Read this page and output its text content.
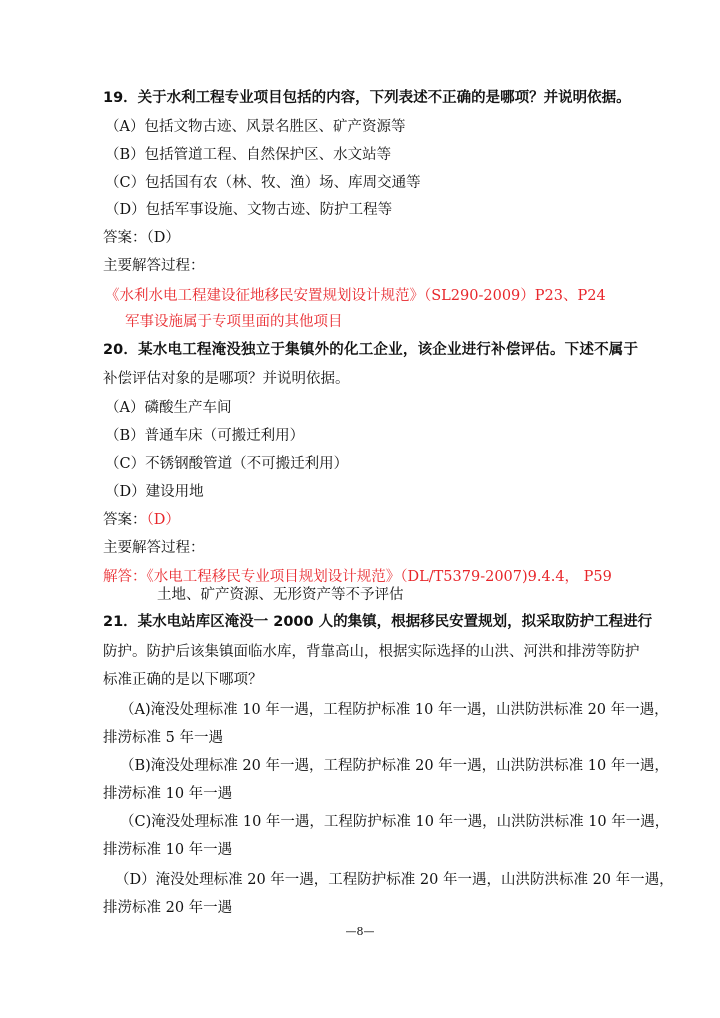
19．关于水利工程专业项目包括的内容，下列表述不正确的是哪项？并说明依据。
（A）包括文物古迹、风景名胜区、矿产资源等
（B）包括管道工程、自然保护区、水文站等
（C）包括国有农（林、牧、渔）场、库周交通等
（D）包括军事设施、文物古迹、防护工程等
答案：（D）
主要解答过程：
《水利水电工程建设征地移民安置规划设计规范》（SL290-2009）P23、P24
军事设施属于专项里面的其他项目
20．某水电工程淹没独立于集镇外的化工企业，该企业进行补偿评估。下述不属于
补偿评估对象的是哪项？并说明依据。
（A）磷酸生产车间
（B）普通车床（可搬迁利用）
（C）不锈钢酸管道（不可搬迁利用）
（D）建设用地
答案：（D）
主要解答过程：
解答：《水电工程移民专业项目规划设计规范》（DL/T5379-2007)9.4.4， P59
土地、矿产资源、无形资产等不予评估
21．某水电站库区淹没一 2000 人的集镇，根据移民安置规划，拟采取防护工程进行
防护。防护后该集镇面临水库，背靠高山，根据实际选择的山洪、河洪和排涝等防护
标准正确的是以下哪项？
（A)淹没处理标准 10 年一遇，工程防护标准 10 年一遇，山洪防洪标准 20 年一遇，
排涝标准 5 年一遇
（B)淹没处理标准 20 年一遇，工程防护标准 20 年一遇，山洪防洪标准 10 年一遇，
排涝标准 10 年一遇
（C)淹没处理标准 10 年一遇，工程防护标准 10 年一遇，山洪防洪标准 10 年一遇，
排涝标准 10 年一遇
（D）淹没处理标准 20 年一遇，工程防护标准 20 年一遇，山洪防洪标准 20 年一遇，
排涝标准 20 年一遇
—8—
